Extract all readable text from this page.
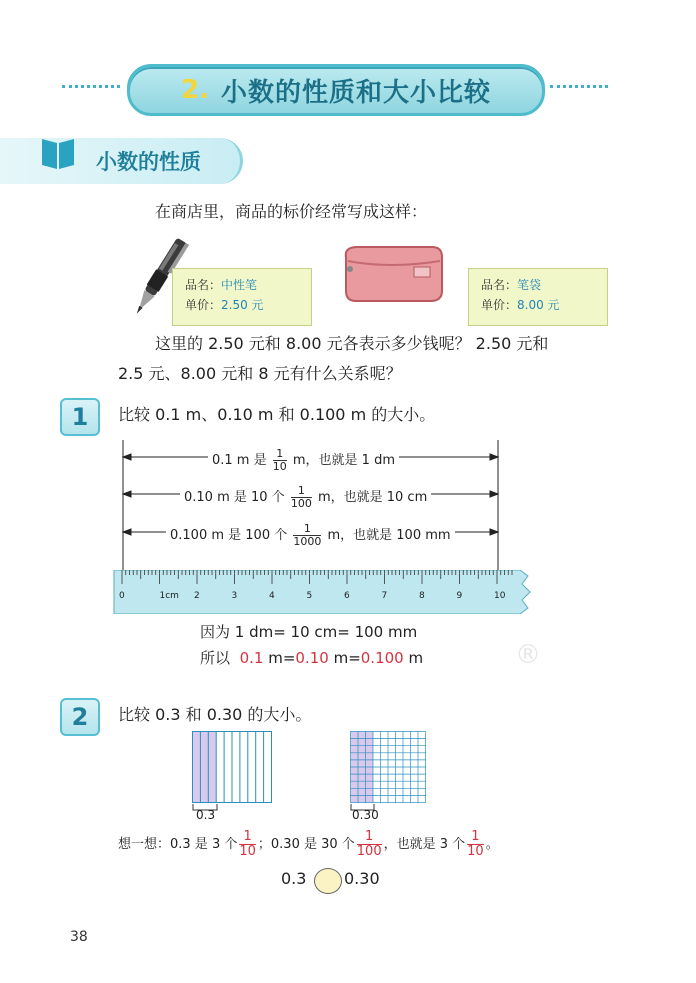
2. 小数的性质和大小比较
小数的性质
在商店里，商品的标价经常写成这样：
品名：中性笔
单价：2.50 元
品名：笔袋
单价：8.00 元
这里的 2.50 元和 8.00 元各表示多少钱呢？ 2.50 元和
2.5 元、8.00 元和 8 元有什么关系呢？
1	比较 0.1 m、0.10 m 和 0.100 m 的大小。
0.1 m 是 $\frac{1}{10}$ m，也就是 1 dm
0.10 m 是 10 个 $\frac{1}{100}$ m，也就是 10 cm
0.100 m 是 100 个 $\frac{1}{1000}$ m，也就是 100 mm
0	1cm 2	3	4	5	6	7	8	9	10
因为 1 dm= 10 cm= 100 mm
所以 0.1 m=0.10 m=0.100 m	®
2	比较 0.3 和 0.30 的大小。
0.3	0.30
想一想：0.3 是 3 个 $\frac{1}{10}$ ；0.30 是 30 个 $\frac{1}{100}$ ，也就是 3 个 $\frac{1}{10}$ 。
0.3 0.30
38
